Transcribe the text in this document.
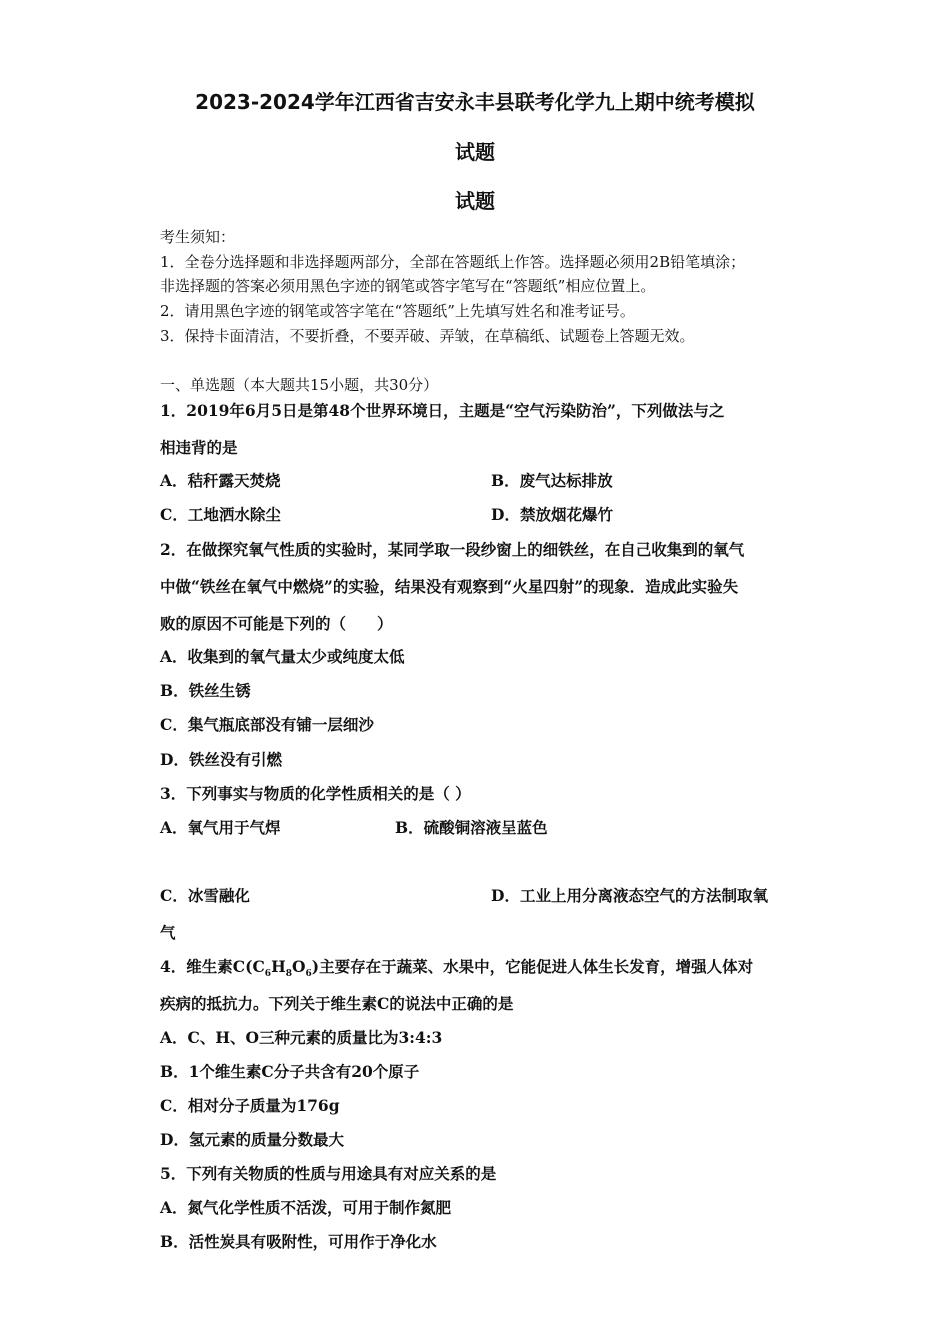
2023-2024学年江西省吉安永丰县联考化学九上期中统考模拟
试题
试题
考生须知：
1．全卷分选择题和非选择题两部分，全部在答题纸上作答。选择题必须用2B铅笔填涂；
非选择题的答案必须用黑色字迹的钢笔或答字笔写在“答题纸”相应位置上。
2．请用黑色字迹的钢笔或答字笔在“答题纸”上先填写姓名和准考证号。
3．保持卡面清洁，不要折叠，不要弄破、弄皱，在草稿纸、试题卷上答题无效。
一、单选题（本大题共15小题，共30分）
1．2019年6月5日是第48个世界环境日，主题是“空气污染防治”，下列做法与之
相违背的是
A．秸秆露天焚烧	B．废气达标排放
C．工地洒水除尘	D．禁放烟花爆竹
2．在做探究氧气性质的实验时，某同学取一段纱窗上的细铁丝，在自己收集到的氧气
中做“铁丝在氧气中燃烧”的实验，结果没有观察到“火星四射”的现象．造成此实验失
败的原因不可能是下列的（　　）
A．收集到的氧气量太少或纯度太低
B．铁丝生锈
C．集气瓶底部没有铺一层细沙
D．铁丝没有引燃
3．下列事实与物质的化学性质相关的是（ ）
A．氧气用于气焊	B．硫酸铜溶液呈蓝色
C．冰雪融化	D．工业上用分离液态空气的方法制取氧
气
4．维生素$C(C_6H_8O_6)$主要存在于蔬菜、水果中，它能促进人体生长发育，增强人体对
疾病的抵抗力。下列关于维生素C的说法中正确的是
A．C、H、O三种元素的质量比为3:4:3
B．1个维生素C分子共含有20个原子
C．相对分子质量为176g
D．氢元素的质量分数最大
5．下列有关物质的性质与用途具有对应关系的是
A．氮气化学性质不活泼，可用于制作氮肥
B．活性炭具有吸附性，可用作于净化水
